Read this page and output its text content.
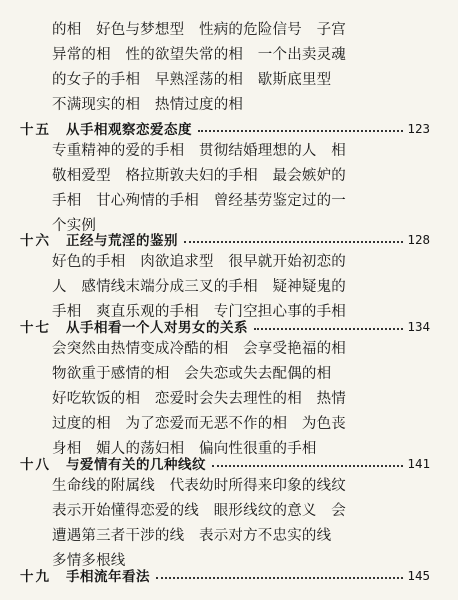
的相　好色与梦想型　性病的危险信号　子宫
异常的相　性的欲望失常的相　一个出卖灵魂
的女子的手相　早熟淫荡的相　歇斯底里型
不满现实的相　热情过度的相
十五	从手相观察恋爱态度	123
专重精神的爱的手相　贯彻结婚理想的人　相
敬相爱型　格拉斯敦夫妇的手相　最会嫉妒的
手相　甘心殉情的手相　曾经基劳鉴定过的一
个实例
十六	正经与荒淫的鉴别	128
好色的手相　肉欲追求型　很早就开始初恋的
人　感情线末端分成三叉的手相　疑神疑鬼的
手相　爽直乐观的手相　专门空担心事的手相
十七	从手相看一个人对男女的关系	134
会突然由热情变成冷酷的相　会享受艳福的相
物欲重于感情的相　会失恋或失去配偶的相
好吃软饭的相　恋爱时会失去理性的相　热情
过度的相　为了恋爱而无恶不作的相　为色丧
身相　媚人的荡妇相　偏向性很重的手相
十八	与爱情有关的几种线纹	141
生命线的附属线　代表幼时所得来印象的线纹
表示开始懂得恋爱的线　眼形线纹的意义　会
遭遇第三者干涉的线　表示对方不忠实的线
多情多根线
十九	手相流年看法	145
